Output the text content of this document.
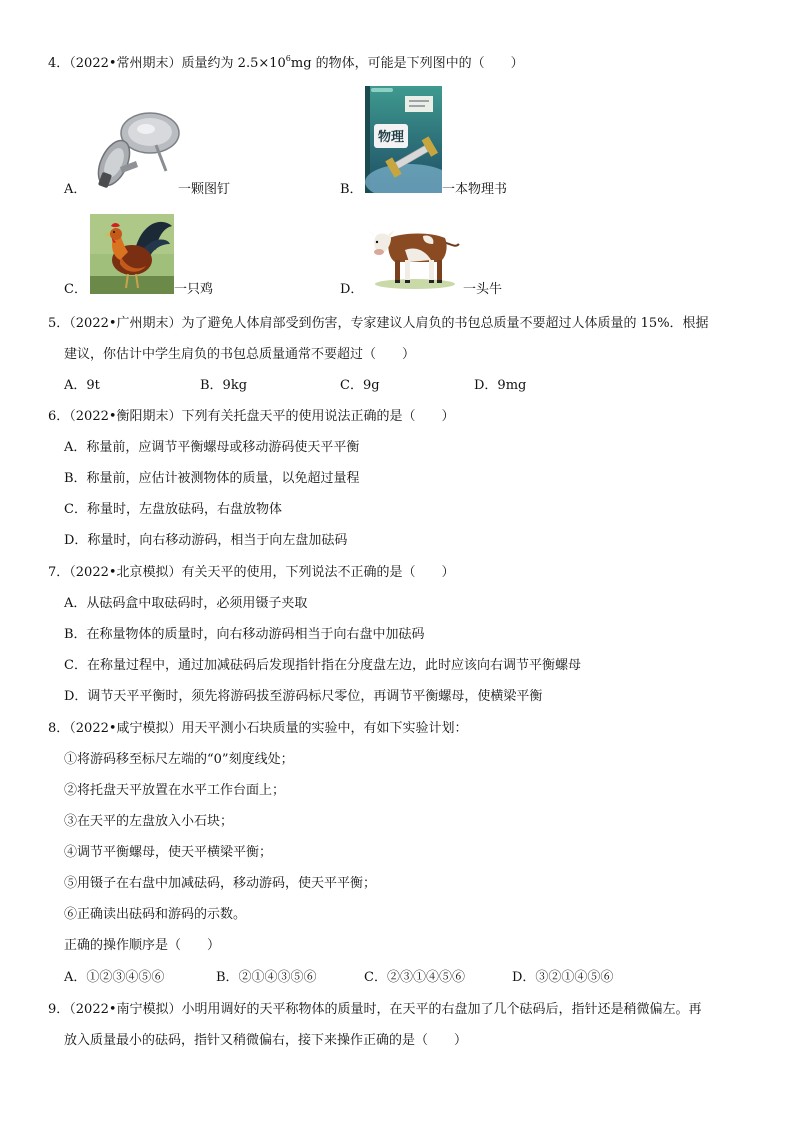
4．（2022•常州期末）质量约为 $2.5\times 10^6mg$ 的物体，可能是下列图中的（　　）
A．	一颗图钉	B．
物理
一本物理书
C．	一只鸡	D．	一头牛
5．（2022•广州期末）为了避免人体肩部受到伤害，专家建议人肩负的书包总质量不要超过人体质量的 15%．根据
建议，你估计中学生肩负的书包总质量通常不要超过（　　）
A．9t	B．9kg	C．9g	D．9mg
6．（2022•衡阳期末）下列有关托盘天平的使用说法正确的是（　　）
A．称量前，应调节平衡螺母或移动游码使天平平衡
B．称量前，应估计被测物体的质量，以免超过量程
C．称量时，左盘放砝码，右盘放物体
D．称量时，向右移动游码，相当于向左盘加砝码
7．（2022•北京模拟）有关天平的使用，下列说法不正确的是（　　）
A．从砝码盒中取砝码时，必须用镊子夹取
B．在称量物体的质量时，向右移动游码相当于向右盘中加砝码
C．在称量过程中，通过加减砝码后发现指针指在分度盘左边，此时应该向右调节平衡螺母
D．调节天平平衡时，须先将游码拔至游码标尺零位，再调节平衡螺母，使横梁平衡
8．（2022•咸宁模拟）用天平测小石块质量的实验中，有如下实验计划：
①将游码移至标尺左端的“0”刻度线处；
②将托盘天平放置在水平工作台面上；
③在天平的左盘放入小石块；
④调节平衡螺母，使天平横梁平衡；
⑤用镊子在右盘中加减砝码，移动游码，使天平平衡；
⑥正确读出砝码和游码的示数。
正确的操作顺序是（　　）
A．①②③④⑤⑥	B．②①④③⑤⑥	C．②③①④⑤⑥	D．③②①④⑤⑥
9．（2022•南宁模拟）小明用调好的天平称物体的质量时，在天平的右盘加了几个砝码后，指针还是稍微偏左。再
放入质量最小的砝码，指针又稍微偏右，接下来操作正确的是（　　）
